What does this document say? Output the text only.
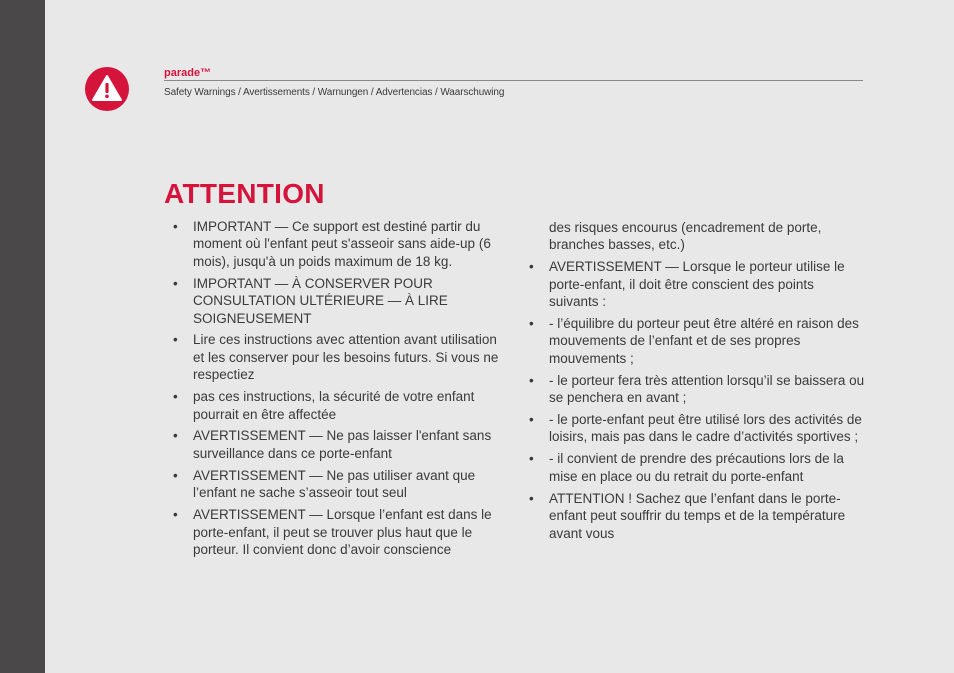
parade™
Safety Warnings / Avertissements / Warnungen / Advertencias / Waarschuwing
ATTENTION
•	IMPORTANT — Ce support est destiné partir du moment où l'enfant peut s'asseoir sans aide-up (6 mois), jusqu'à un poids maximum de 18 kg.
•	IMPORTANT — À CONSERVER POUR CONSULTATION ULTÉRIEURE — À LIRE SOIGNEUSEMENT
•	Lire ces instructions avec attention avant utilisation et les conserver pour les besoins futurs. Si vous ne respectiez
•	pas ces instructions, la sécurité de votre enfant pourrait en être affectée
•	AVERTISSEMENT — Ne pas laisser l'enfant sans surveillance dans ce porte-enfant
•	AVERTISSEMENT — Ne pas utiliser avant que l’enfant ne sache s’asseoir tout seul
•	AVERTISSEMENT — Lorsque l’enfant est dans le porte-enfant, il peut se trouver plus haut que le porteur. Il convient donc d’avoir conscience
des risques encourus (encadrement de porte, branches basses, etc.)
•	AVERTISSEMENT — Lorsque le porteur utilise le porte-enfant, il doit être conscient des points suivants :
•	- l’équilibre du porteur peut être altéré en raison des mouvements de l’enfant et de ses propres mouvements ;
•	- le porteur fera très attention lorsqu’il se baissera ou se penchera en avant ;
•	- le porte-enfant peut être utilisé lors des activités de loisirs, mais pas dans le cadre d’activités sportives ;
•	- il convient de prendre des précautions lors de la mise en place ou du retrait du porte-enfant
•	ATTENTION ! Sachez que l’enfant dans le porte-enfant peut souffrir du temps et de la température avant vous
